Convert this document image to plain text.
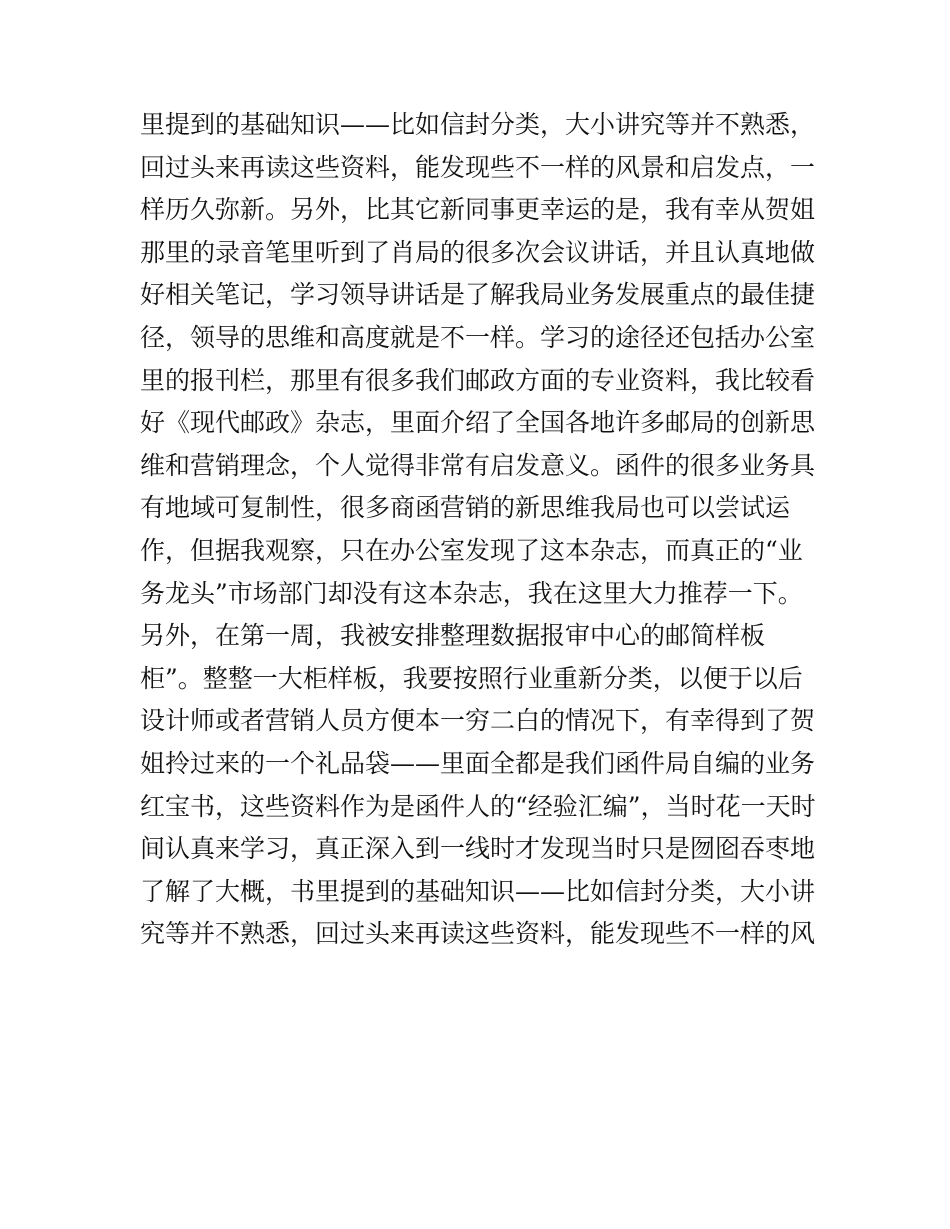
里提到的基础知识——比如信封分类，大小讲究等并不熟悉，
回过头来再读这些资料，能发现些不一样的风景和启发点，一
样历久弥新。另外，比其它新同事更幸运的是，我有幸从贺姐
那里的录音笔里听到了肖局的很多次会议讲话，并且认真地做
好相关笔记，学习领导讲话是了解我局业务发展重点的最佳捷
径，领导的思维和高度就是不一样。学习的途径还包括办公室
里的报刊栏，那里有很多我们邮政方面的专业资料，我比较看
好《现代邮政》杂志，里面介绍了全国各地许多邮局的创新思
维和营销理念，个人觉得非常有启发意义。函件的很多业务具
有地域可复制性，很多商函营销的新思维我局也可以尝试运
作，但据我观察，只在办公室发现了这本杂志，而真正的“业
务龙头”市场部门却没有这本杂志，我在这里大力推荐一下。
另外，在第一周，我被安排整理数据报审中心的邮简样板
柜”。整整一大柜样板，我要按照行业重新分类，以便于以后
设计师或者营销人员方便本一穷二白的情况下，有幸得到了贺
姐拎过来的一个礼品袋——里面全都是我们函件局自编的业务
红宝书，这些资料作为是函件人的“经验汇编”，当时花一天时
间认真来学习，真正深入到一线时才发现当时只是囫囵吞枣地
了解了大概，书里提到的基础知识——比如信封分类，大小讲
究等并不熟悉，回过头来再读这些资料，能发现些不一样的风
